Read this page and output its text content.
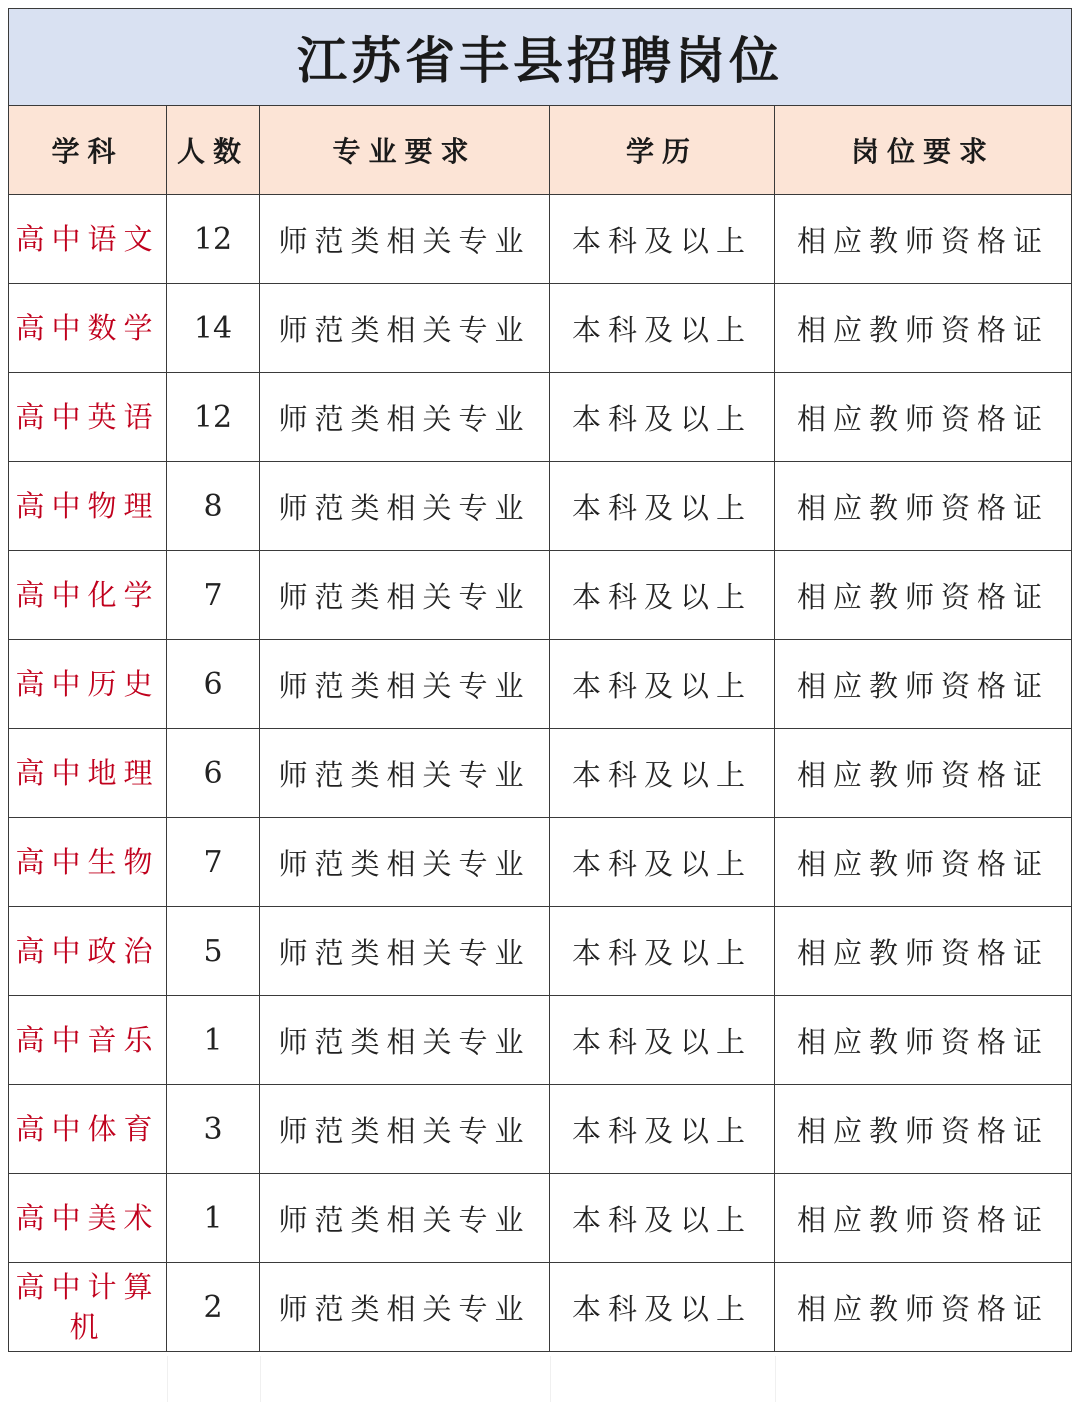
江苏省丰县招聘岗位				
学科	人数	专业要求	学历	岗位要求
高中语文	12	师范类相关专业	本科及以上	相应教师资格证
高中数学	14	师范类相关专业	本科及以上	相应教师资格证
高中英语	12	师范类相关专业	本科及以上	相应教师资格证
高中物理	8	师范类相关专业	本科及以上	相应教师资格证
高中化学	7	师范类相关专业	本科及以上	相应教师资格证
高中历史	6	师范类相关专业	本科及以上	相应教师资格证
高中地理	6	师范类相关专业	本科及以上	相应教师资格证
高中生物	7	师范类相关专业	本科及以上	相应教师资格证
高中政治	5	师范类相关专业	本科及以上	相应教师资格证
高中音乐	1	师范类相关专业	本科及以上	相应教师资格证
高中体育	3	师范类相关专业	本科及以上	相应教师资格证
高中美术	1	师范类相关专业	本科及以上	相应教师资格证
高中计算机	2	师范类相关专业	本科及以上	相应教师资格证
